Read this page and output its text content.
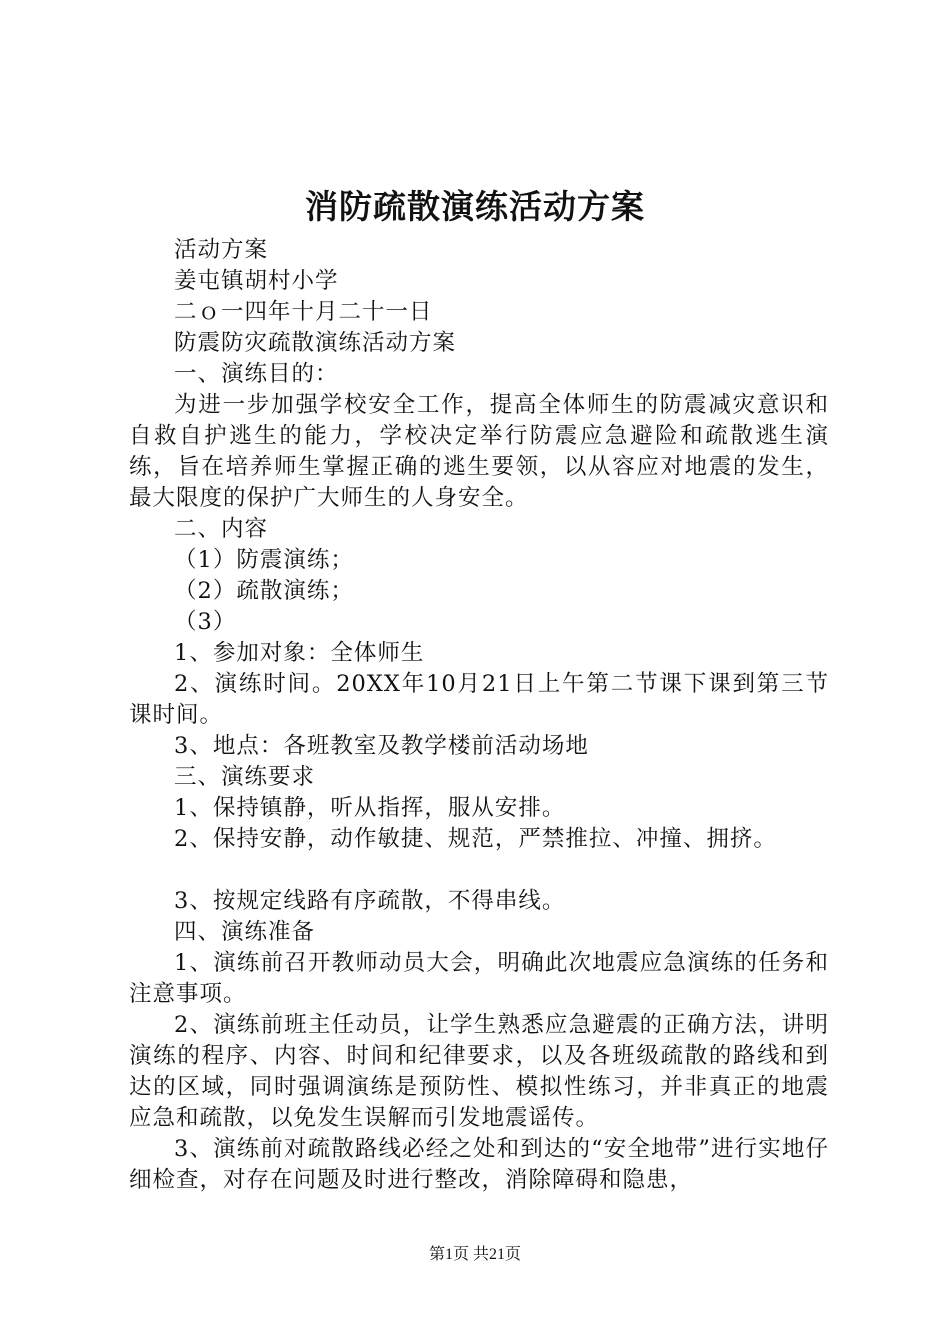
消防疏散演练活动方案

活动方案

姜屯镇胡村小学

二ｏ一四年十月二十一日

防震防灾疏散演练活动方案

一、演练目的：

为进一步加强学校安全工作，提高全体师生的防震减灾意识和自救自护逃生的能力，学校决定举行防震应急避险和疏散逃生演练，旨在培养师生掌握正确的逃生要领，以从容应对地震的发生，最大限度的保护广大师生的人身安全。

二、内容

（1）防震演练；

（2）疏散演练；

（3）

1、参加对象：全体师生

2、演练时间。20XX年10月21日上午第二节课下课到第三节课时间。

3、地点：各班教室及教学楼前活动场地

三、演练要求

1、保持镇静，听从指挥，服从安排。

2、保持安静，动作敏捷、规范，严禁推拉、冲撞、拥挤。

3、按规定线路有序疏散，不得串线。

四、演练准备

1、演练前召开教师动员大会，明确此次地震应急演练的任务和注意事项。

2、演练前班主任动员，让学生熟悉应急避震的正确方法，讲明演练的程序、内容、时间和纪律要求，以及各班级疏散的路线和到达的区域，同时强调演练是预防性、模拟性练习，并非真正的地震应急和疏散，以免发生误解而引发地震谣传。

3、演练前对疏散路线必经之处和到达的“安全地带”进行实地仔细检查，对存在问题及时进行整改，消除障碍和隐患，

第1页 共21页
